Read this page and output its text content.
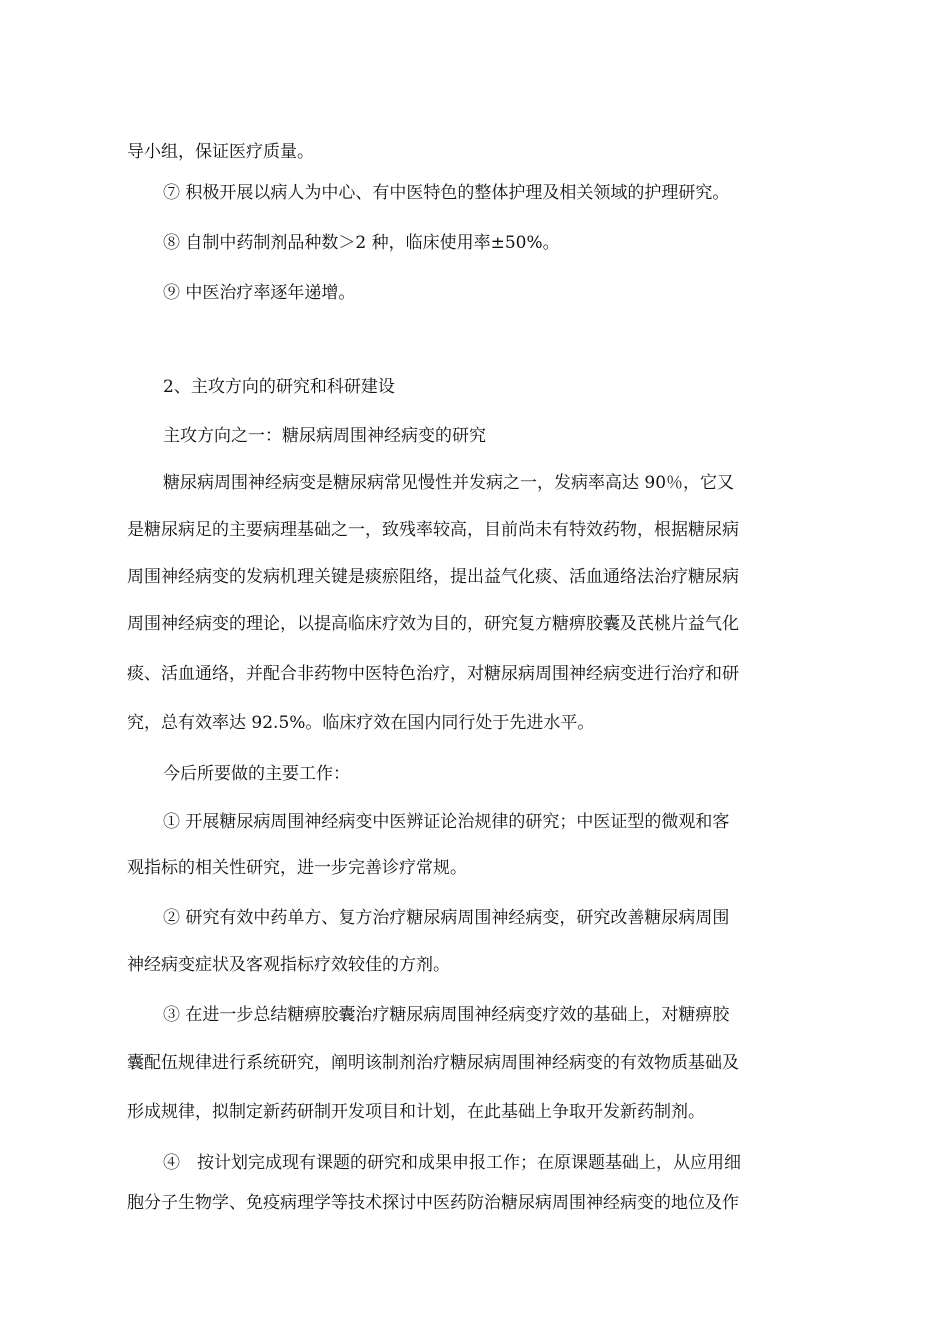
导小组，保证医疗质量。
⑦ 积极开展以病人为中心、有中医特色的整体护理及相关领域的护理研究。
⑧ 自制中药制剂品种数＞2 种，临床使用率±50%。
⑨ 中医治疗率逐年递增。
2、主攻方向的研究和科研建设
主攻方向之一：糖尿病周围神经病变的研究
糖尿病周围神经病变是糖尿病常见慢性并发病之一，发病率高达 90％，它又
是糖尿病足的主要病理基础之一，致残率较高，目前尚未有特效药物，根据糖尿病
周围神经病变的发病机理关键是痰瘀阻络，提出益气化痰、活血通络法治疗糖尿病
周围神经病变的理论，以提高临床疗效为目的，研究复方糖痹胶囊及芪桃片益气化
痰、活血通络，并配合非药物中医特色治疗，对糖尿病周围神经病变进行治疗和研
究，总有效率达 92.5%。临床疗效在国内同行处于先进水平。
今后所要做的主要工作：
① 开展糖尿病周围神经病变中医辨证论治规律的研究；中医证型的微观和客
观指标的相关性研究，进一步完善诊疗常规。
② 研究有效中药单方、复方治疗糖尿病周围神经病变，研究改善糖尿病周围
神经病变症状及客观指标疗效较佳的方剂。
③ 在进一步总结糖痹胶囊治疗糖尿病周围神经病变疗效的基础上，对糖痹胶
囊配伍规律进行系统研究，阐明该制剂治疗糖尿病周围神经病变的有效物质基础及
形成规律，拟制定新药研制开发项目和计划，在此基础上争取开发新药制剂。
④　按计划完成现有课题的研究和成果申报工作；在原课题基础上，从应用细
胞分子生物学、免疫病理学等技术探讨中医药防治糖尿病周围神经病变的地位及作
